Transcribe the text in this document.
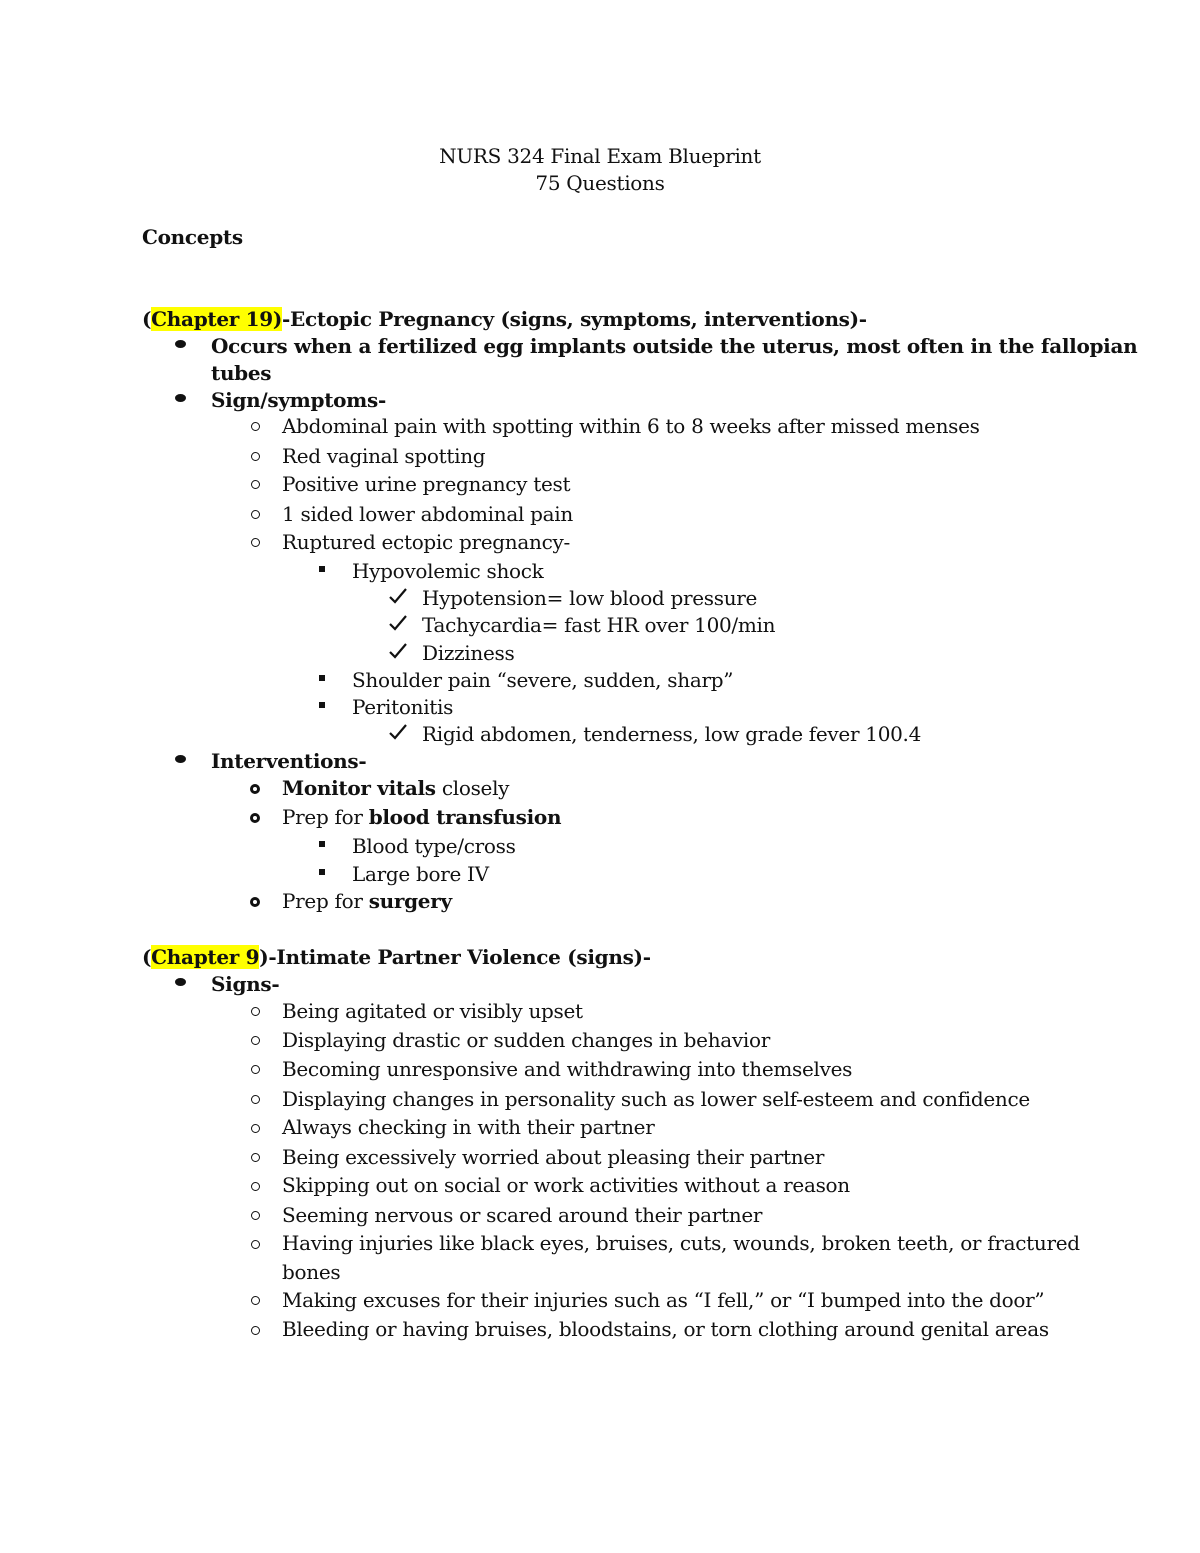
NURS 324 Final Exam Blueprint
75 Questions
Concepts
(Chapter 19)-Ectopic Pregnancy (signs, symptoms, interventions)-
Occurs when a fertilized egg implants outside the uterus, most often in the fallopian
tubes
Sign/symptoms-
Abdominal pain with spotting within 6 to 8 weeks after missed menses
Red vaginal spotting
Positive urine pregnancy test
1 sided lower abdominal pain
Ruptured ectopic pregnancy-
Hypovolemic shock
Hypotension= low blood pressure
Tachycardia= fast HR over 100/min
Dizziness
Shoulder pain “severe, sudden, sharp”
Peritonitis
Rigid abdomen, tenderness, low grade fever 100.4
Interventions-
Monitor vitals closely
Prep for blood transfusion
Blood type/cross
Large bore IV
Prep for surgery
(Chapter 9)-Intimate Partner Violence (signs)-
Signs-
Being agitated or visibly upset
Displaying drastic or sudden changes in behavior
Becoming unresponsive and withdrawing into themselves
Displaying changes in personality such as lower self-esteem and confidence
Always checking in with their partner
Being excessively worried about pleasing their partner
Skipping out on social or work activities without a reason
Seeming nervous or scared around their partner
Having injuries like black eyes, bruises, cuts, wounds, broken teeth, or fractured
bones
Making excuses for their injuries such as “I fell,” or “I bumped into the door”
Bleeding or having bruises, bloodstains, or torn clothing around genital areas
